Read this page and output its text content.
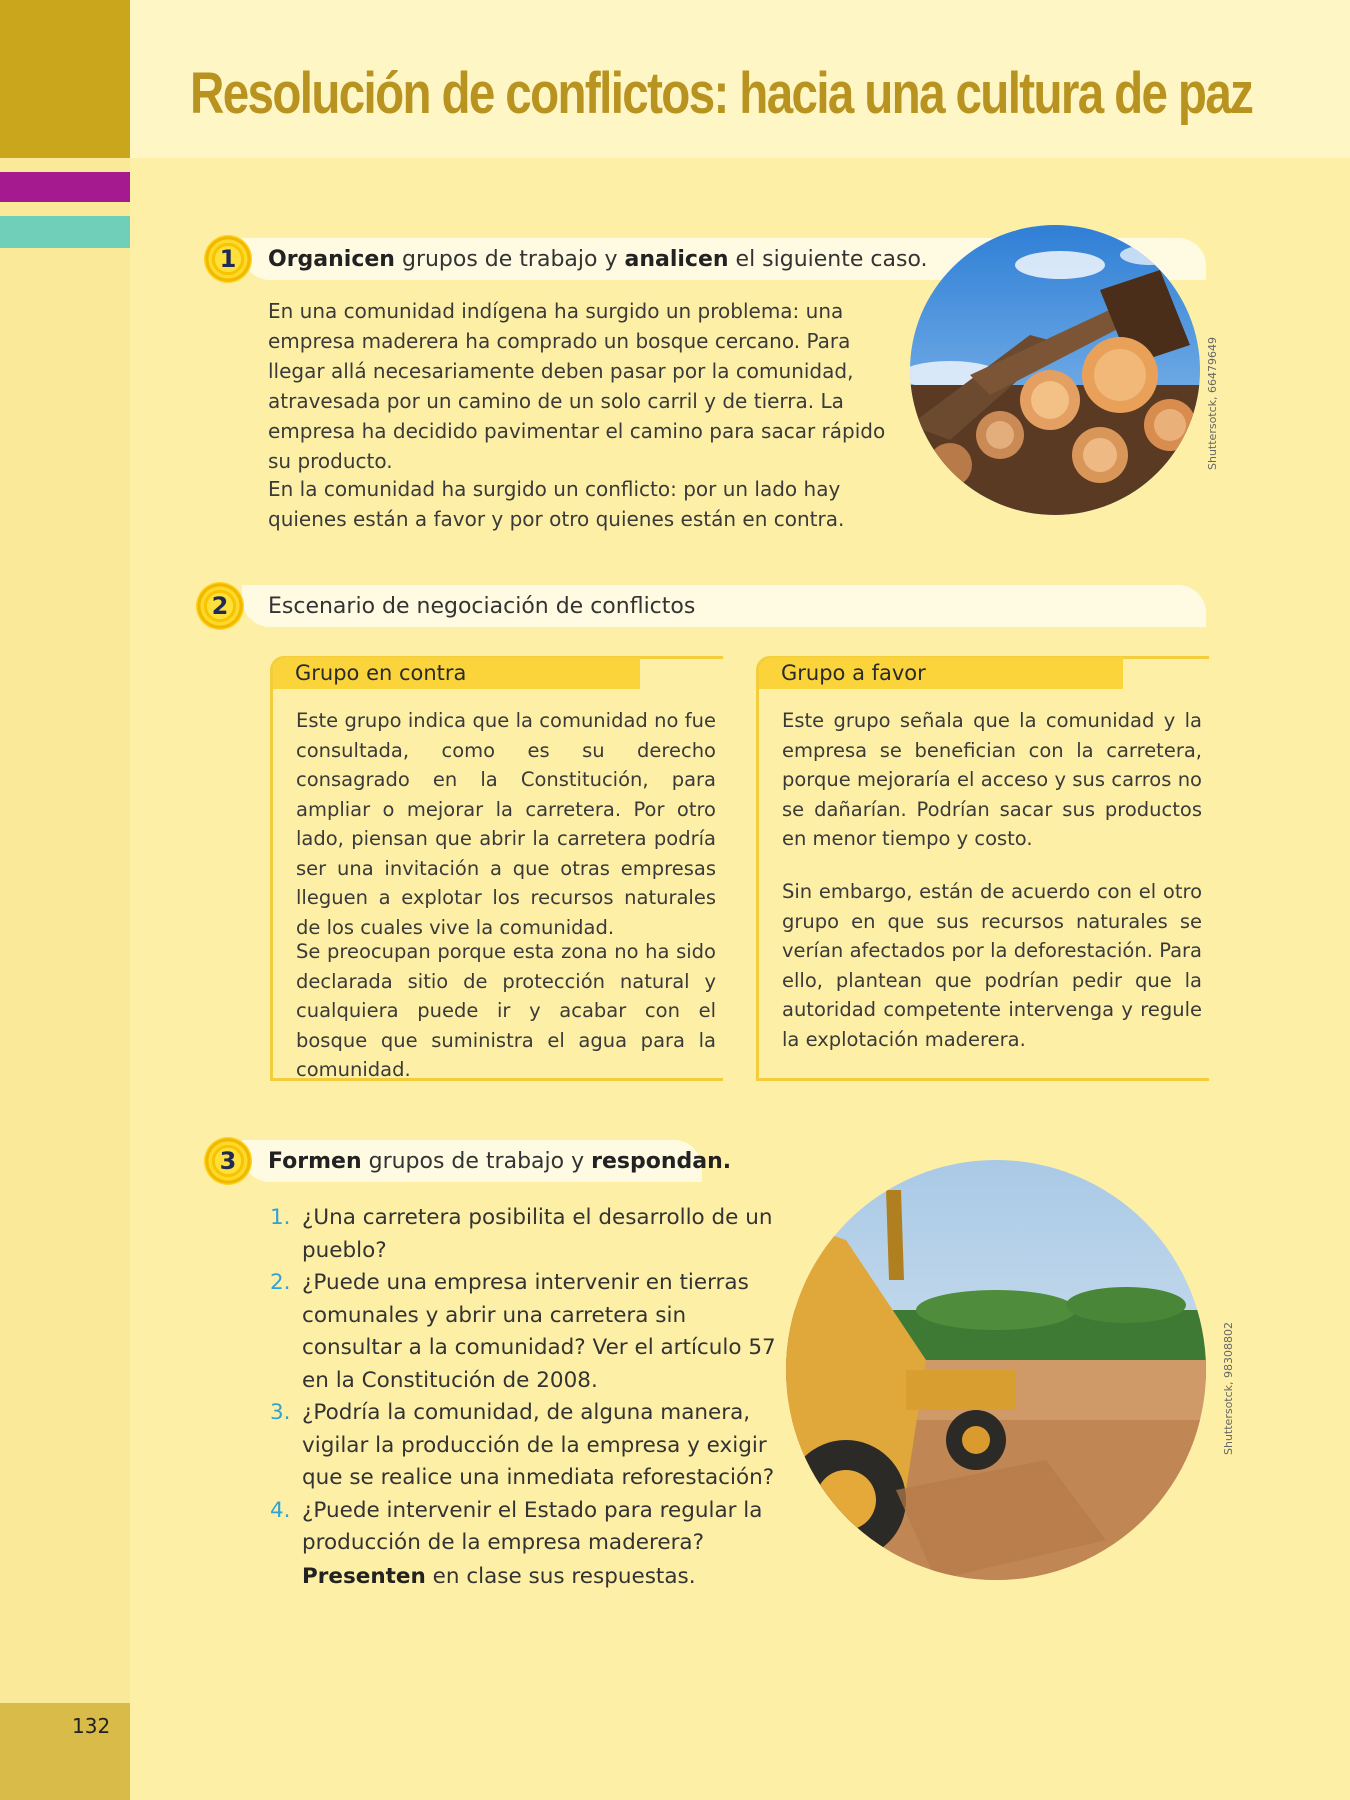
Resolución de conflictos: hacia una cultura de paz
1	Organicen grupos de trabajo y analicen el siguiente caso.

En una comunidad indígena ha surgido un problema: una empresa maderera ha comprado un bosque cercano. Para llegar allá necesariamente deben pasar por la comunidad, atravesada por un camino de un solo carril y de tierra. La empresa ha decidido pavimentar el camino para sacar rápido su producto.

En la comunidad ha surgido un conflicto: por un lado hay quienes están a favor y por otro quienes están en contra.

Shuttersotck, 66479649
2	Escenario de negociación de conflictos
Grupo en contra

Este grupo indica que la comunidad no fue consultada, como es su derecho consagrado en la Constitución, para ampliar o mejorar la carretera. Por otro lado, piensan que abrir la carretera podría ser una invitación a que otras empresas lleguen a explotar los recursos naturales de los cuales vive la comunidad.

Se preocupan porque esta zona no ha sido declarada sitio de protección natural y cualquiera puede ir y acabar con el bosque que suministra el agua para la comunidad.

Grupo a favor

Este grupo señala que la comunidad y la empresa se benefician con la carretera, porque mejoraría el acceso y sus carros no se dañarían. Podrían sacar sus productos en menor tiempo y costo.

Sin embargo, están de acuerdo con el otro grupo en que sus recursos naturales se verían afectados por la deforestación. Para ello, plantean que podrían pedir que la autoridad competente intervenga y regule la explotación maderera.

3	Formen grupos de trabajo y respondan.
1. ¿Una carretera posibilita el desarrollo de un pueblo?
2. ¿Puede una empresa intervenir en tierras comunales y abrir una carretera sin consultar a la comunidad? Ver el artículo 57 en la Constitución de 2008.
3. ¿Podría la comunidad, de alguna manera, vigilar la producción de la empresa y exigir que se realice una inmediata reforestación?
4. ¿Puede intervenir el Estado para regular la producción de la empresa maderera?
Presenten en clase sus respuestas.
Shuttersotck, 98308802
132
